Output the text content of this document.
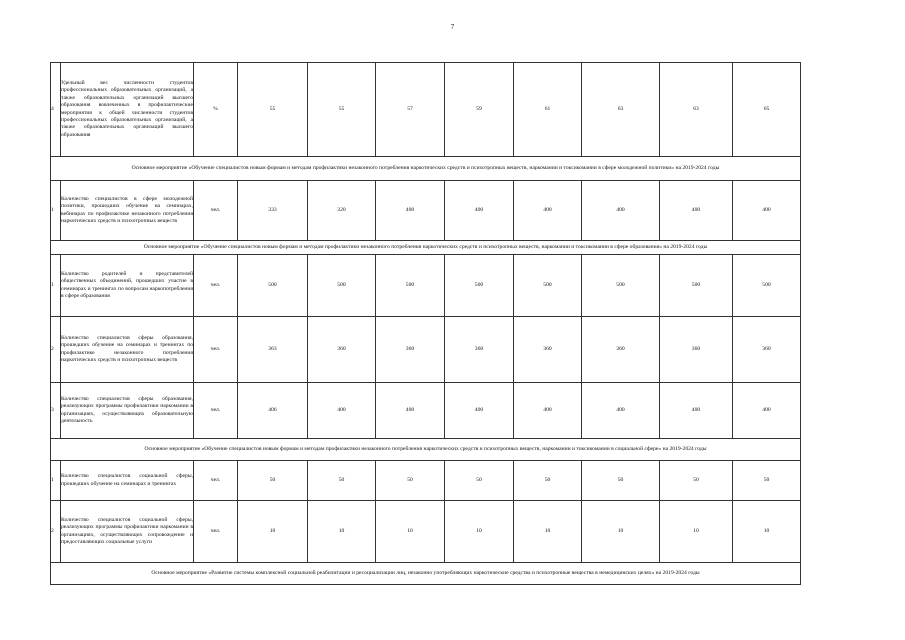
7
4	Удельный вес численности студентов профессиональных образовательных организаций, а также образовательных организаций высшего образования вовлеченных в профилактические мероприятия к общей численности студентов профессиональных образовательных организаций, а также образовательных организаций высшего образования	%	55	55	57	59	61	63	63	65
Основное мероприятие «Обучение специалистов новым формам и методам профилактики незаконного потребления наркотических средств и психотропных веществ, наркомании и токсикомании в сфере молодежной политики» на 2019-2024 годы										
1	Количество специалистов в сфере молодежной политики, прошедших обучение на семинарах, вебинарах по профилактике незаконного потребления наркотических средств и психотропных веществ	чел.	333	320	400	400	400	400	400	400
Основное мероприятие «Обучение специалистов новым формам и методам профилактики незаконного потребления наркотических средств и психотропных веществ, наркомании и токсикомании в сфере образования» на 2019-2024 годы										
1	Количество родителей и представителей общественных объединений, прошедших участие в семинарах и тренингах по вопросам наркопотребления в сфере образования	чел.	500	500	500	500	500	500	500	500
2	Количество специалистов сферы образования, прошедших обучение на семинарах и тренингах по профилактике незаконного потребления наркотических средств и психотропных веществ	чел.	363	360	360	360	360	360	360	360
3	Количество специалистов сферы образования, реализующих программы профилактики наркомании в организациях, осуществляющих образовательную деятельность	чел.	406	400	400	400	400	400	400	400
Основное мероприятие «Обучение специалистов новым формам и методам профилактики незаконного потребления наркотических средств и психотропных веществ, наркомании и токсикомании в социальной сфере» на 2019-2024 годы										
1	Количество специалистов социальной сферы, прошедших обучение на семинарах и тренингах	чел.	50	50	50	50	50	50	50	50
2	Количество специалистов социальной сферы, реализующих программы профилактики наркомании в организациях, осуществляющих сопровождение и предоставляющих социальные услуги	чел.	10	10	10	10	10	10	10	10
Основное мероприятие «Развитие системы комплексной социальной реабилитации и ресоциализации лиц, незаконно употребляющих наркотические средства и психотропные вещества в немедицинских целях» на 2019-2024 годы										
